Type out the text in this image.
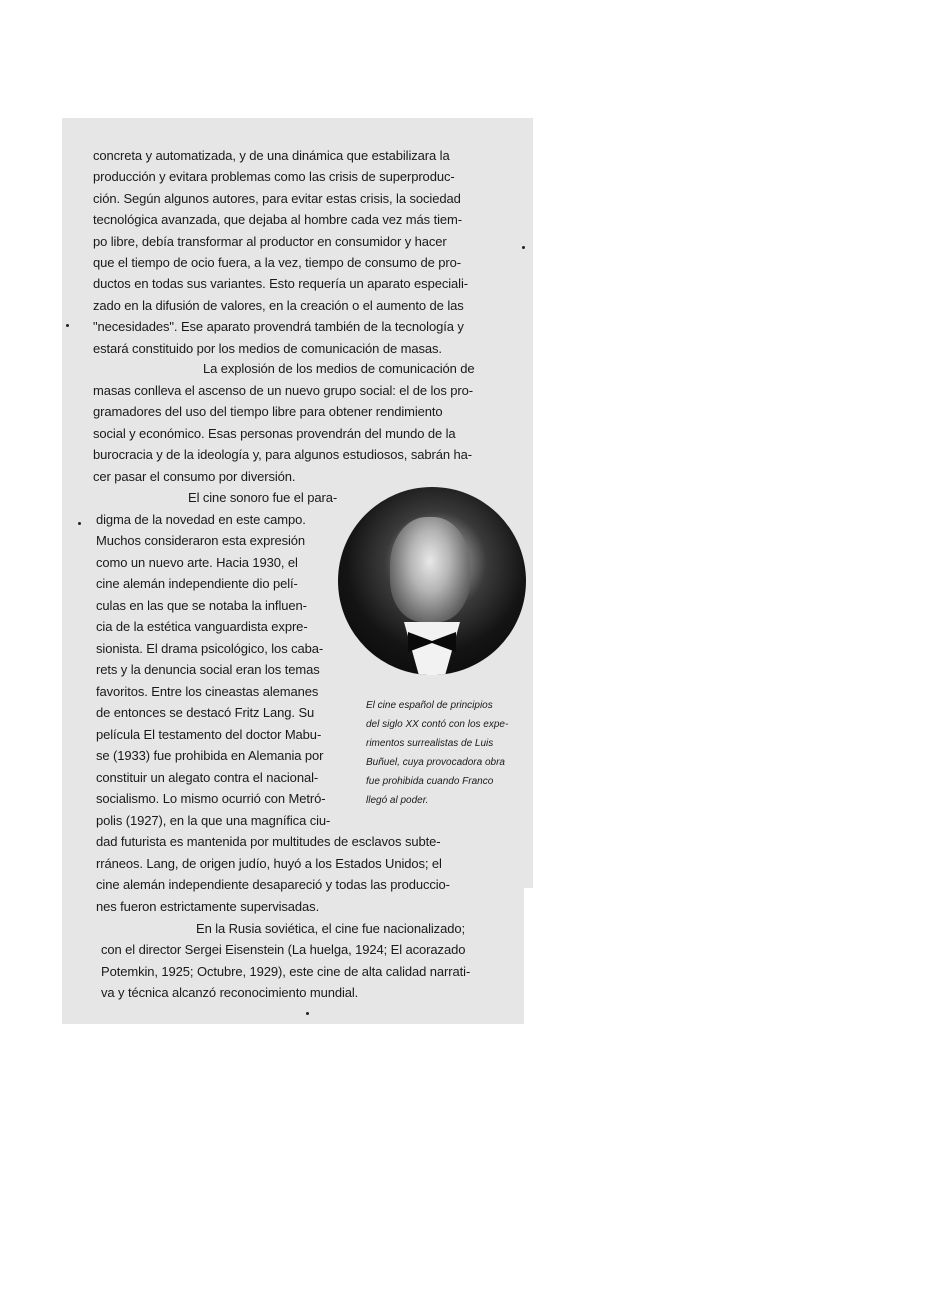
concreta y automatizada, y de una dinámica que estabilizara la
producción y evitara problemas como las crisis de superproduc-
ción. Según algunos autores, para evitar estas crisis, la sociedad
tecnológica avanzada, que dejaba al hombre cada vez más tiem-
po libre, debía transformar al productor en consumidor y hacer
que el tiempo de ocio fuera, a la vez, tiempo de consumo de pro-
ductos en todas sus variantes. Esto requería un aparato especiali-
zado en la difusión de valores, en la creación o el aumento de las
"necesidades". Ese aparato provendrá también de la tecnología y
estará constituido por los medios de comunicación de masas.
La explosión de los medios de comunicación de
masas conlleva el ascenso de un nuevo grupo social: el de los pro-
gramadores del uso del tiempo libre para obtener rendimiento
social y económico. Esas personas provendrán del mundo de la
burocracia y de la ideología y, para algunos estudiosos, sabrán ha-
cer pasar el consumo por diversión.
El cine sonoro fue el para-
digma de la novedad en este campo.
Muchos consideraron esta expresión
como un nuevo arte. Hacia 1930, el
cine alemán independiente dio pelí-
culas en las que se notaba la influen-
cia de la estética vanguardista expre-
sionista. El drama psicológico, los caba-
rets y la denuncia social eran los temas
favoritos. Entre los cineastas alemanes
de entonces se destacó Fritz Lang. Su
película El testamento del doctor Mabu-
se (1933) fue prohibida en Alemania por
constituir un alegato contra el nacional-
socialismo. Lo mismo ocurrió con Metró-
polis (1927), en la que una magnífica ciu-
dad futurista es mantenida por multitudes de esclavos subte-
rráneos. Lang, de origen judío, huyó a los Estados Unidos; el
cine alemán independiente desapareció y todas las produccio-
nes fueron estrictamente supervisadas.
En la Rusia soviética, el cine fue nacionalizado;
con el director Sergei Eisenstein (La huelga, 1924; El acorazado
Potemkin, 1925; Octubre, 1929), este cine de alta calidad narrati-
va y técnica alcanzó reconocimiento mundial.
El cine español de principios
del siglo XX contó con los expe-
rimentos surrealistas de Luis
Buñuel, cuya provocadora obra
fue prohibida cuando Franco
llegó al poder.
